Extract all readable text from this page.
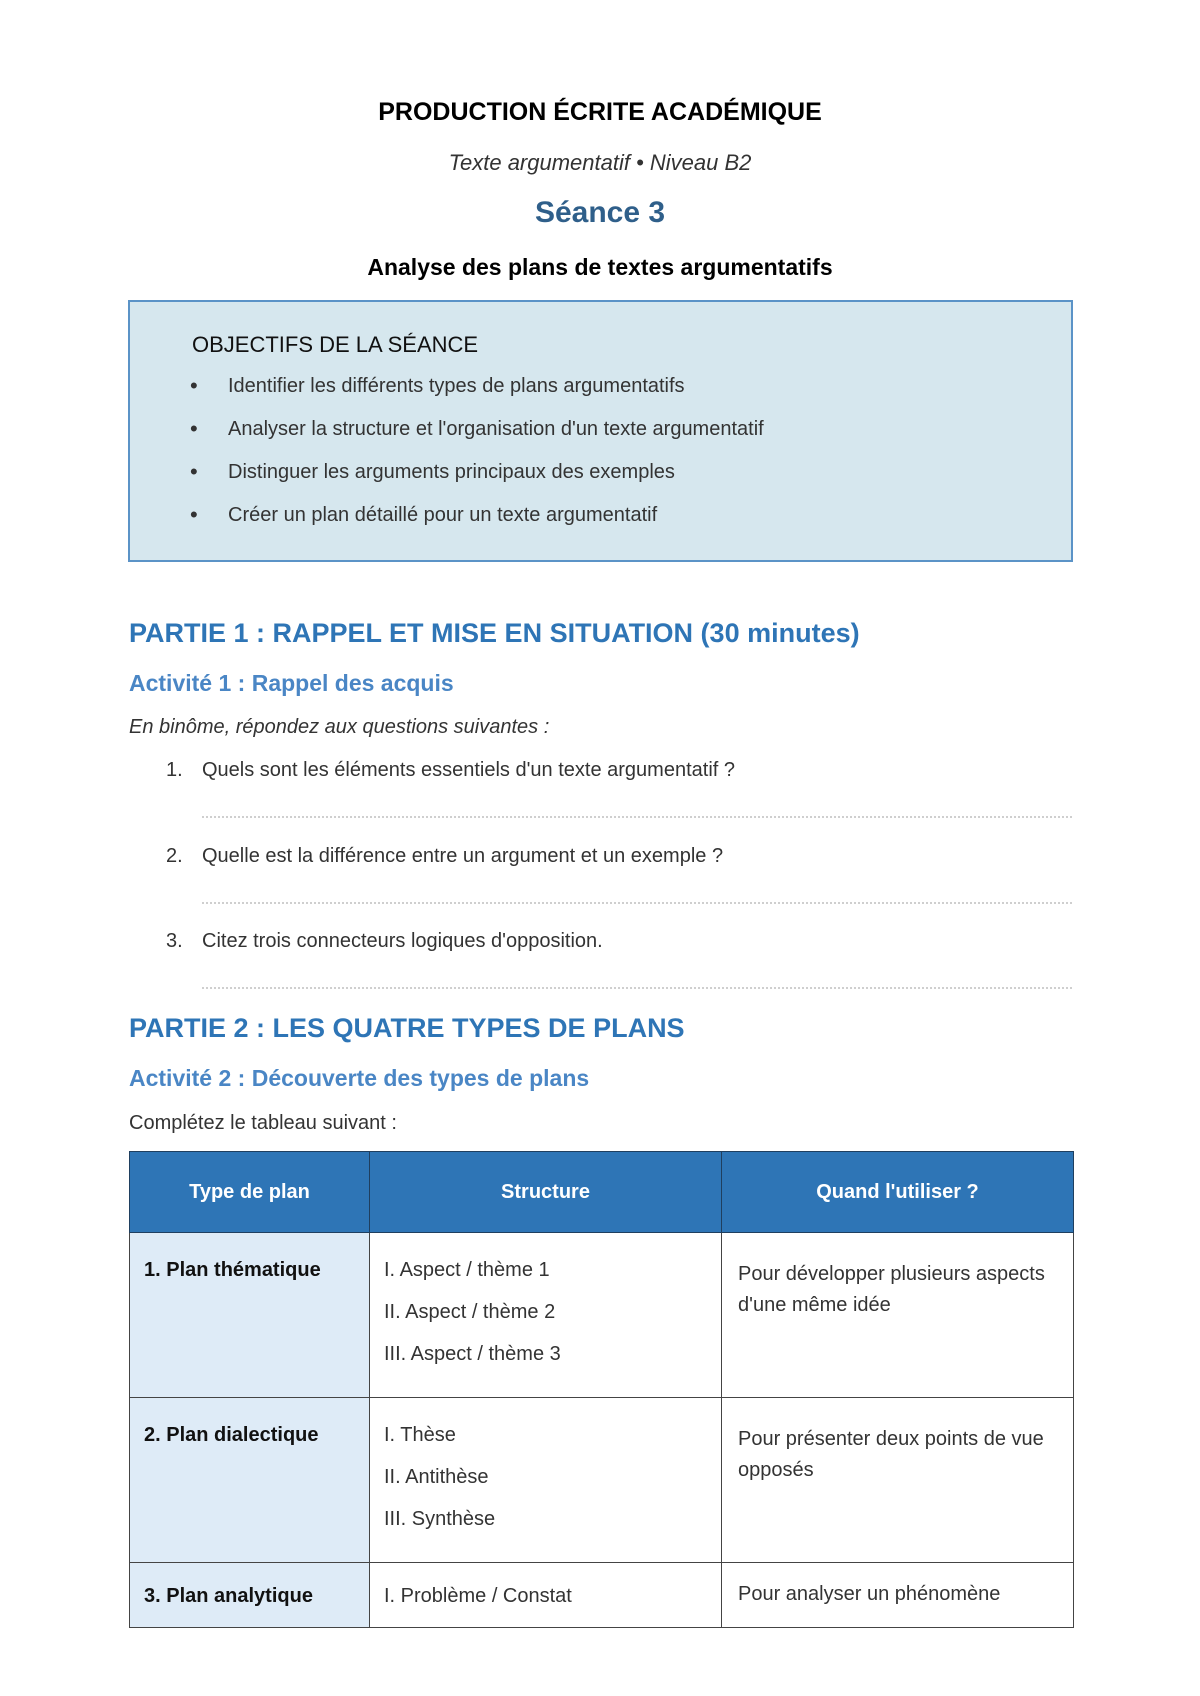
PRODUCTION ÉCRITE ACADÉMIQUE
Texte argumentatif • Niveau B2
Séance 3
Analyse des plans de textes argumentatifs
OBJECTIFS DE LA SÉANCE
• Identifier les différents types de plans argumentatifs
• Analyser la structure et l'organisation d'un texte argumentatif
• Distinguer les arguments principaux des exemples
• Créer un plan détaillé pour un texte argumentatif
PARTIE 1 : RAPPEL ET MISE EN SITUATION (30 minutes)
Activité 1 : Rappel des acquis
En binôme, répondez aux questions suivantes :
1. Quels sont les éléments essentiels d'un texte argumentatif ?
2. Quelle est la différence entre un argument et un exemple ?
3. Citez trois connecteurs logiques d'opposition.
PARTIE 2 : LES QUATRE TYPES DE PLANS
Activité 2 : Découverte des types de plans
Complétez le tableau suivant :
Type de plan	Structure	Quand l'utiliser ?
1. Plan thématique	I. Aspect / thème 1
II. Aspect / thème 2
III. Aspect / thème 3	Pour développer plusieurs aspects d'une même idée
2. Plan dialectique	I. Thèse
II. Antithèse
III. Synthèse	Pour présenter deux points de vue opposés
3. Plan analytique	I. Problème / Constat	Pour analyser un phénomène
